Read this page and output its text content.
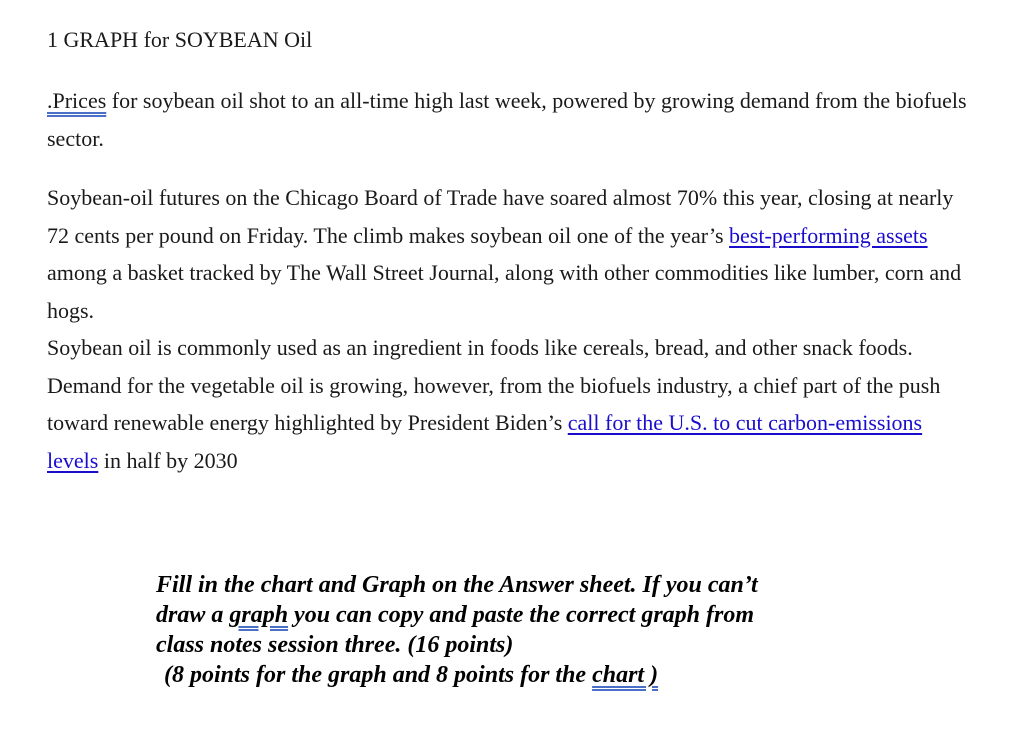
1 GRAPH for SOYBEAN Oil
.Prices for soybean oil shot to an all-time high last week, powered by growing demand from the biofuels sector.
Soybean-oil futures on the Chicago Board of Trade have soared almost 70% this year, closing at nearly 72 cents per pound on Friday. The climb makes soybean oil one of the year’s best-performing assets among a basket tracked by The Wall Street Journal, along with other commodities like lumber, corn and hogs.
Soybean oil is commonly used as an ingredient in foods like cereals, bread, and other snack foods. Demand for the vegetable oil is growing, however, from the biofuels industry, a chief part of the push toward renewable energy highlighted by President Biden’s call for the U.S. to cut carbon-emissions levels in half by 2030
Fill in the chart and Graph on the Answer sheet. If you can’t
draw a graph you can copy and paste the correct graph from
class notes session three. (16 points)
(8 points for the graph and 8 points for the chart )
